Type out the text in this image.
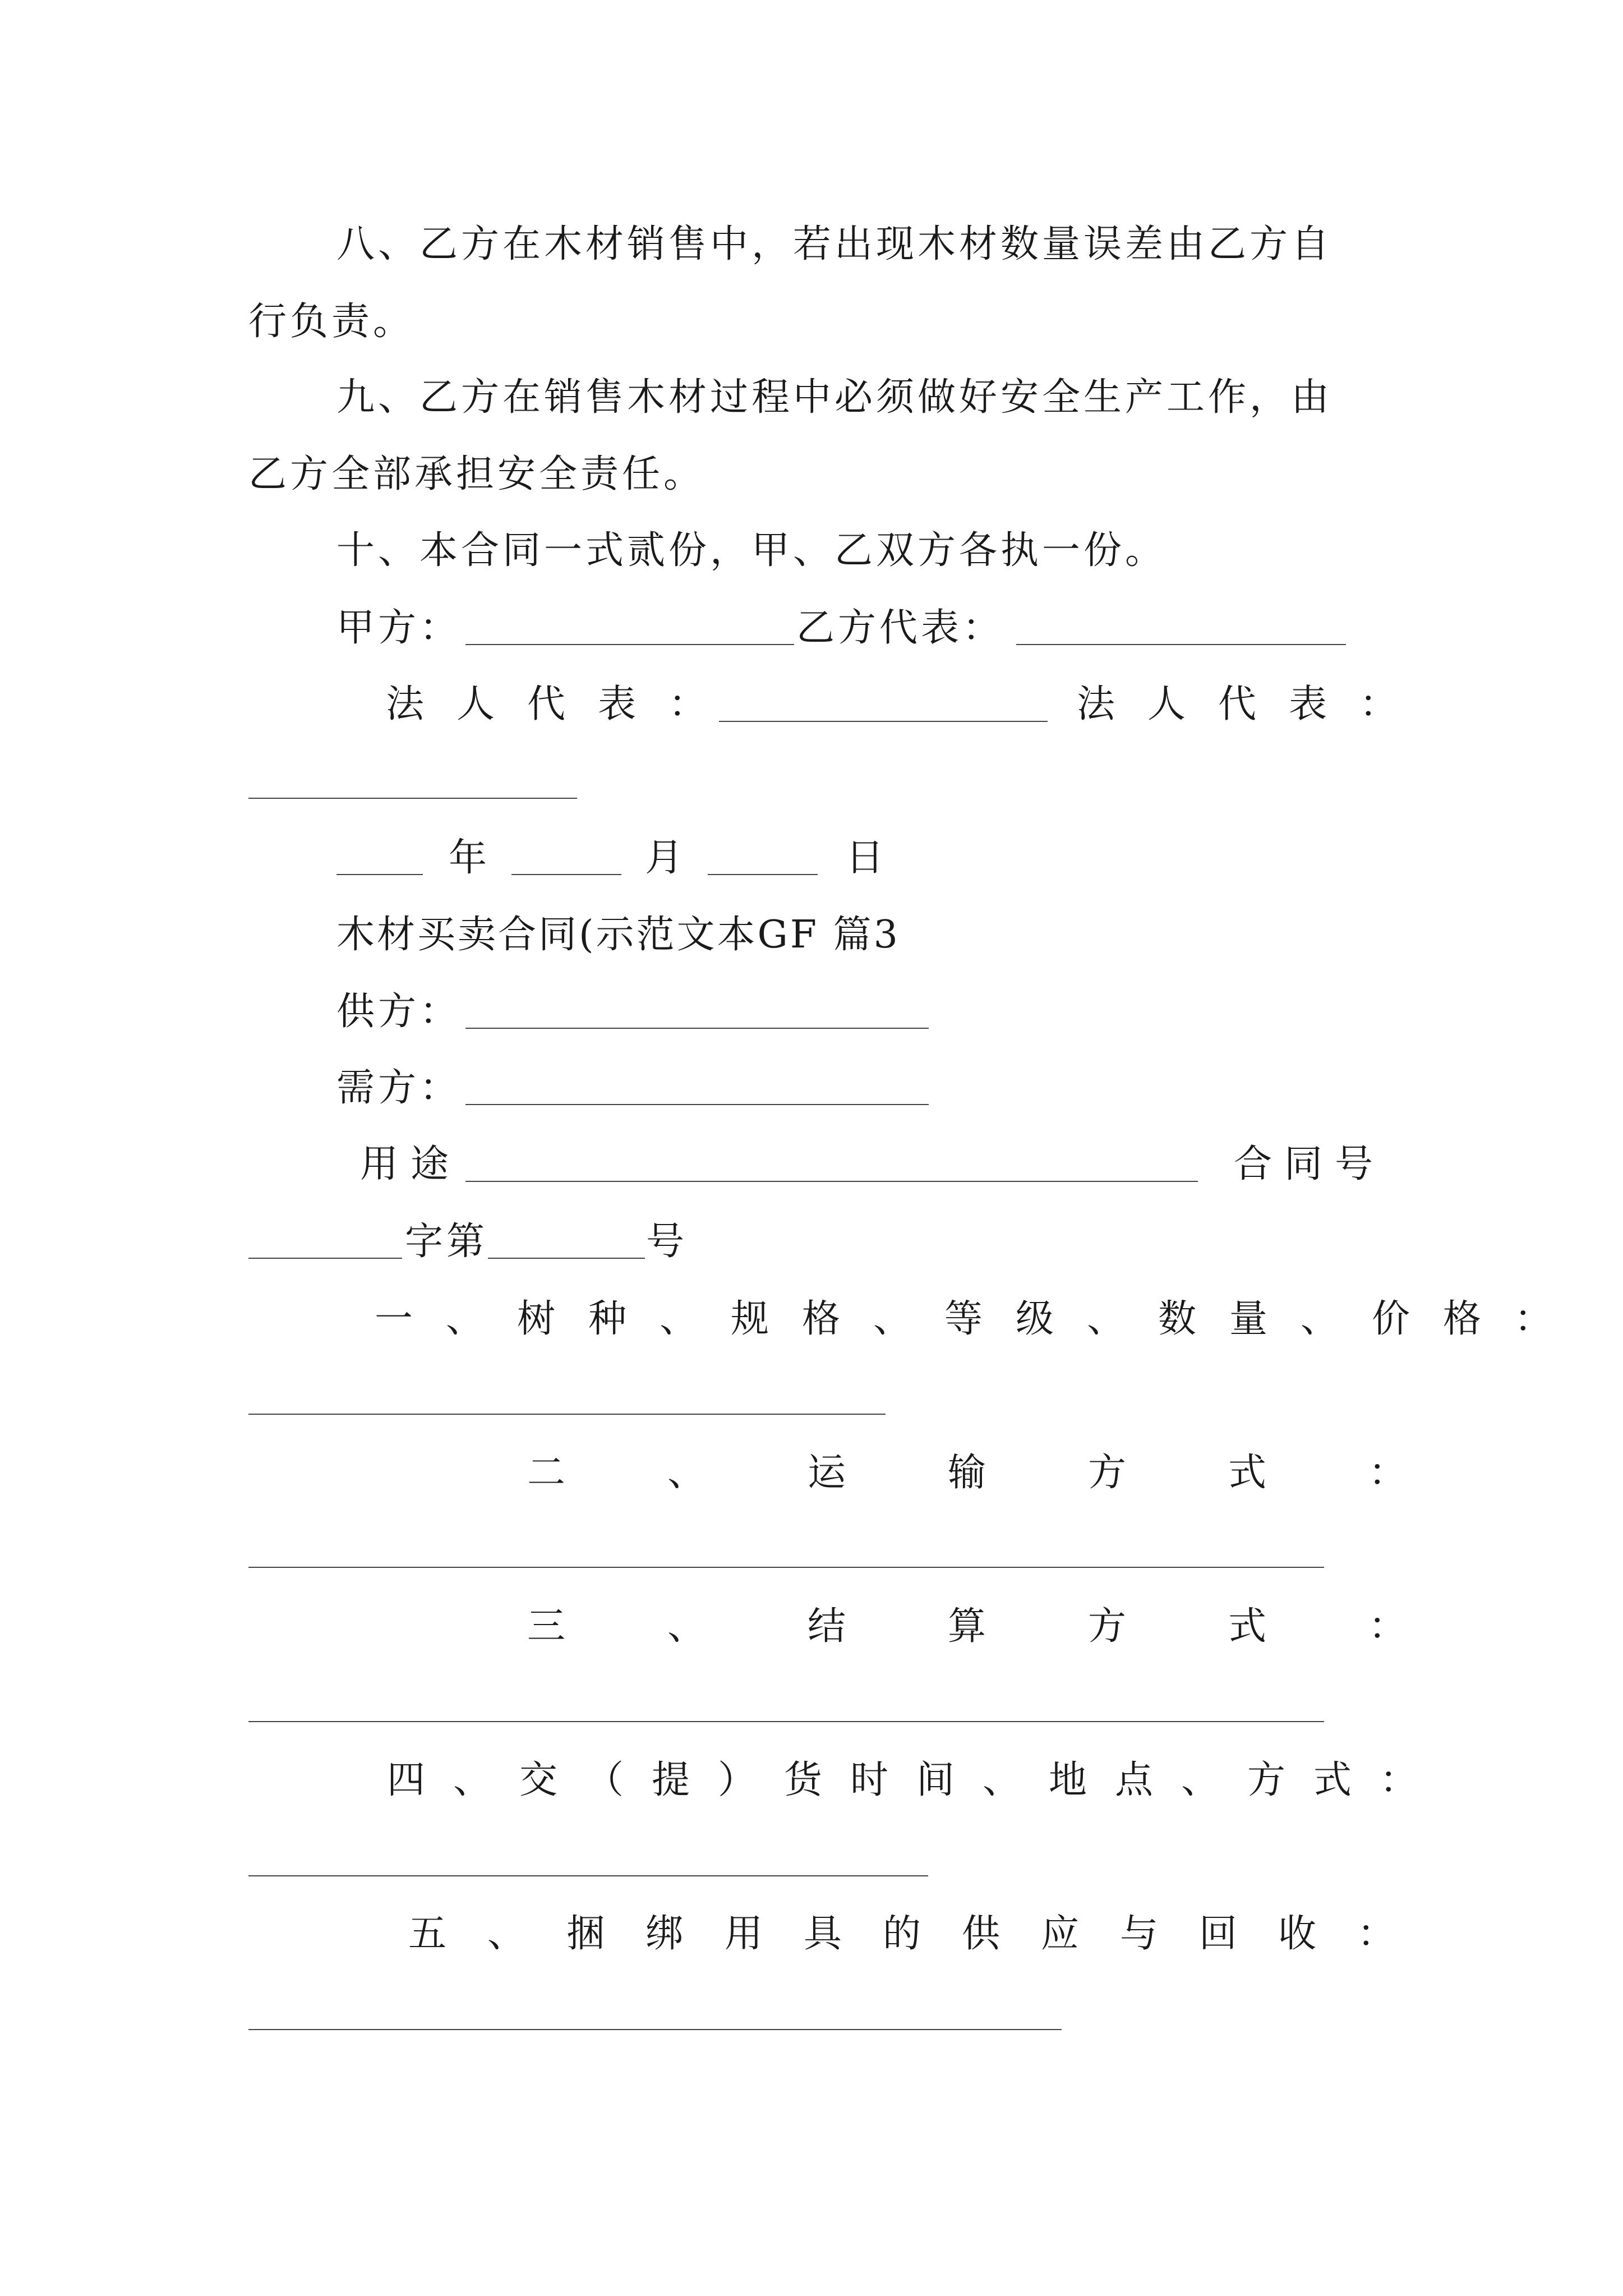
八、乙方在木材销售中，若出现木材数量误差由乙方自
行负责。
九、乙方在销售木材过程中必须做好安全生产工作，由
乙方全部承担安全责任。
十、本合同一式贰份，甲、乙双方各执一份。
甲方：	乙方代表：
法人代表：	法人代表：
年	月	日
木材买卖合同(示范文本GF 篇3
供方：
需方：
用途	合同号
字第	号
一、树种、规格、等级、数量、价格：
二、运输方式：
三、结算方式：
四、交（提）货时间、地点、方式：
五、捆绑用具的供应与回收：
